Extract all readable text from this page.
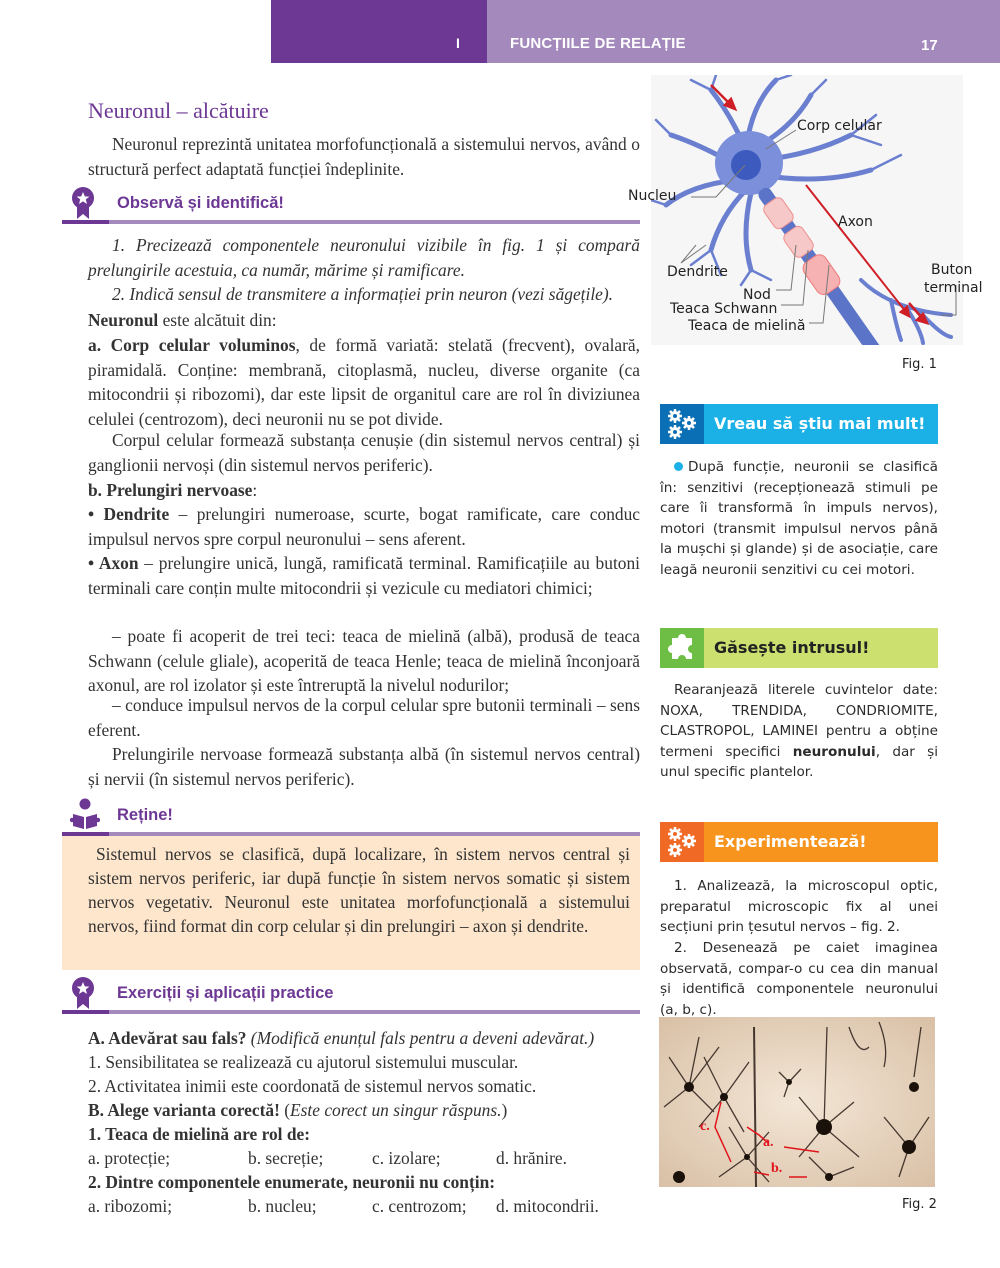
I	FUNCȚIILE DE RELAȚIE	17
Neuronul – alcătuire
Neuronul reprezintă unitatea morfofuncțională a sistemului nervos, având o structură perfect adaptată funcției îndeplinite.
Observă și identifică!
1. Precizează componentele neuronului vizibile în fig. 1 și compară prelungirile acestuia, ca număr, mărime și ramificare.
2. Indică sensul de transmitere a informației prin neuron (vezi săgețile).
Neuronul este alcătuit din:
a. Corp celular voluminos, de formă variată: stelată (frecvent), ovalară, piramidală. Conține: membrană, citoplasmă, nucleu, diverse organite (ca mitocondrii și ribozomi), dar este lipsit de organitul care are rol în diviziunea celulei (centrozom), deci neuronii nu se pot divide.
Corpul celular formează substanța cenușie (din sistemul nervos central) și ganglionii nervoși (din sistemul nervos periferic).
b. Prelungiri nervoase:
• Dendrite – prelungiri numeroase, scurte, bogat ramificate, care conduc impulsul nervos spre corpul neuronului – sens aferent.
• Axon – prelungire unică, lungă, ramificată terminal. Ramificațiile au butoni terminali care conțin multe mitocondrii și vezicule cu mediatori chimici;
– poate fi acoperit de trei teci: teaca de mielină (albă), produsă de teaca Schwann (celule gliale), acoperită de teaca Henle; teaca de mielină înconjoară axonul, are rol izolator și este întreruptă la nivelul nodurilor;
– conduce impulsul nervos de la corpul celular spre butonii terminali – sens eferent.
Prelungirile nervoase formează substanța albă (în sistemul nervos central) și nervii (în sistemul nervos periferic).
Reține!
Sistemul nervos se clasifică, după localizare, în sistem nervos central și sistem nervos periferic, iar după funcție în sistem nervos somatic și sistem nervos vegetativ. Neuronul este unitatea morfofuncțională a sistemului nervos, fiind format din corp celular și din prelungiri – axon și dendrite.
Exerciții și aplicații practice
A. Adevărat sau fals? (Modifică enunțul fals pentru a deveni adevărat.)
1. Sensibilitatea se realizează cu ajutorul sistemului muscular.
2. Activitatea inimii este coordonată de sistemul nervos somatic.
B. Alege varianta corectă! (Este corect un singur răspuns.)
1. Teaca de mielină are rol de:
a. protecție;	b. secreție;	c. izolare;	d. hrănire.
2. Dintre componentele enumerate, neuronii nu conțin:
a. ribozomi;	b. nucleu;	c. centrozom; d. mitocondrii.
Corp celular
Nucleu
Axon
Dendrite	Buton
terminal
Nod
Teaca Schwann
Teaca de mielină
Fig. 1
Vreau să știu mai mult!
După funcție, neuronii se clasifică în: senzitivi (recepționează stimuli pe care îi transformă în impuls nervos), motori (transmit impulsul nervos până la mușchi și glande) și de asociație, care leagă neuronii senzitivi cu cei motori.
Găsește intrusul!
Rearanjează literele cuvintelor date: NOXA, TRENDIDA, CONDRIOMITE, CLASTROPOL, LAMINEI pentru a obține termeni specifici neuronului, dar și unul specific plantelor.
Experimentează!
1. Analizează, la microscopul optic, preparatul microscopic fix al unei secțiuni prin țesutul nervos – fig. 2.
2. Desenează pe caiet imaginea observată, compar-o cu cea din manual și identifică componentele neuronului (a, b, c).
c.
a.
b.
Fig. 2
